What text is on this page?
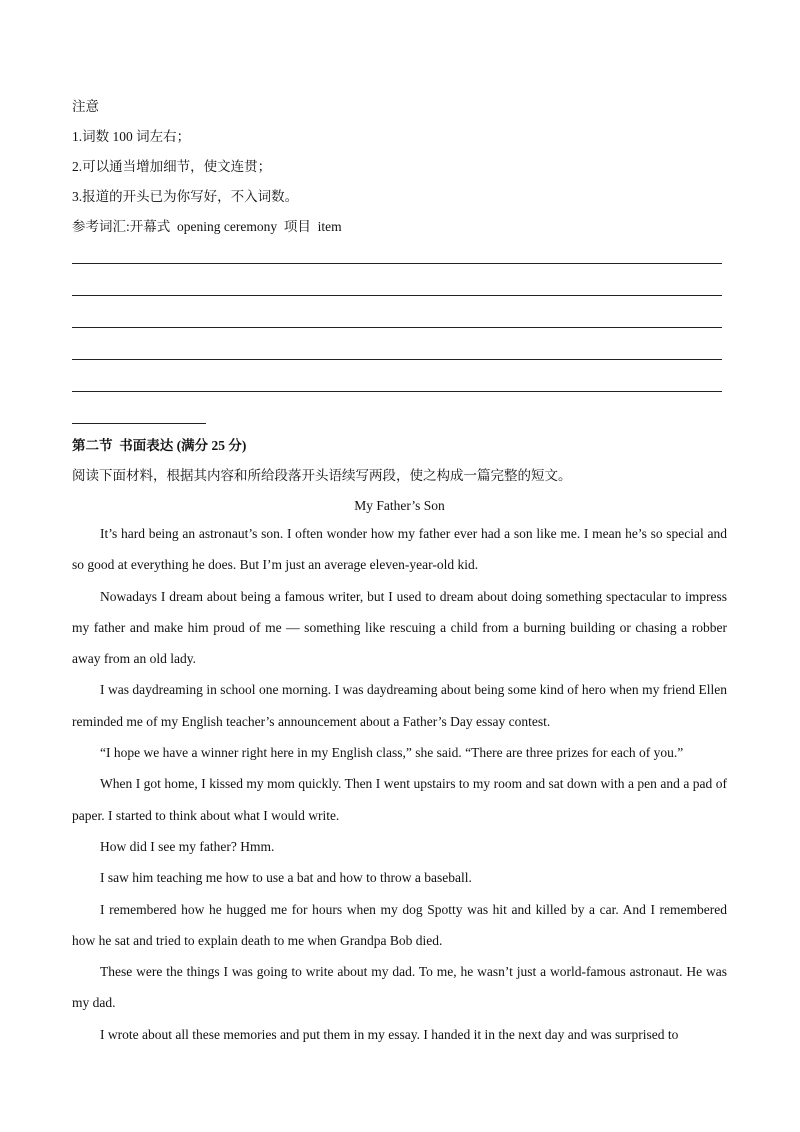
注意
1.词数 100 词左右；
2.可以通当增加细节，使文连贯；
3.报道的开头已为你写好，不入词数。
参考词汇:开幕式  opening ceremony  项目  item
第二节  书面表达 (满分 25 分)
阅读下面材料，根据其内容和所给段落开头语续写两段，使之构成一篇完整的短文。
My Father’s Son

It’s hard being an astronaut’s son. I often wonder how my father ever had a son like me. I mean he’s so special and so good at everything he does. But I’m just an average eleven-year-old kid.

Nowadays I dream about being a famous writer, but I used to dream about doing something spectacular to impress my father and make him proud of me — something like rescuing a child from a burning building or chasing a robber away from an old lady.

I was daydreaming in school one morning. I was daydreaming about being some kind of hero when my friend Ellen reminded me of my English teacher’s announcement about a Father’s Day essay contest.

“I hope we have a winner right here in my English class,” she said. “There are three prizes for each of you.”

When I got home, I kissed my mom quickly. Then I went upstairs to my room and sat down with a pen and a pad of paper. I started to think about what I would write.

How did I see my father? Hmm.

I saw him teaching me how to use a bat and how to throw a baseball.

I remembered how he hugged me for hours when my dog Spotty was hit and killed by a car. And I remembered how he sat and tried to explain death to me when Grandpa Bob died.

These were the things I was going to write about my dad. To me, he wasn’t just a world-famous astronaut. He was my dad.

I wrote about all these memories and put them in my essay. I handed it in the next day and was surprised to
